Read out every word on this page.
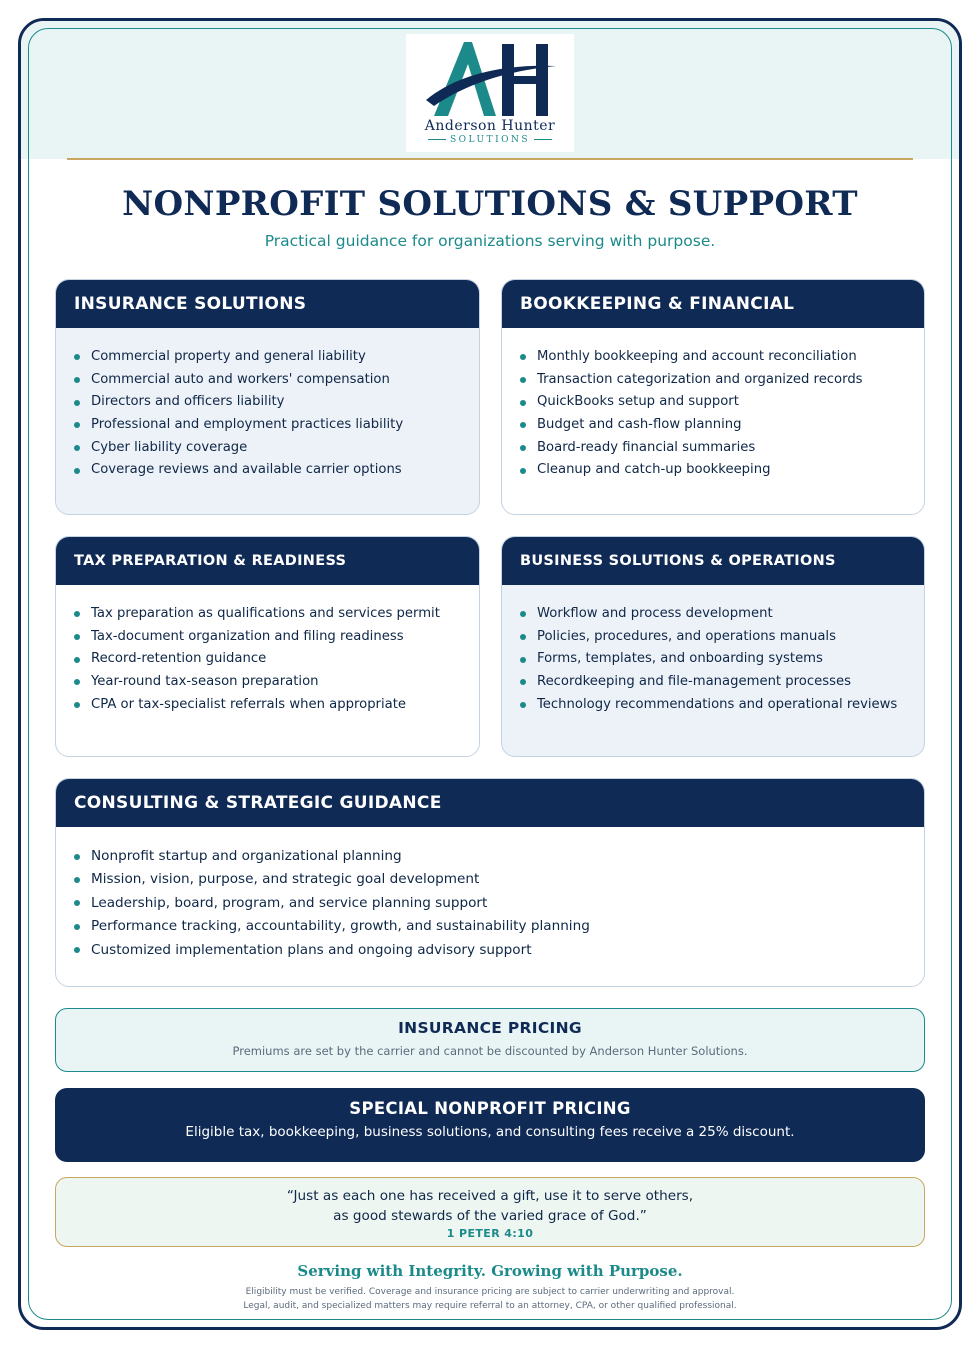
Anderson Hunter
SOLUTIONS
NONPROFIT SOLUTIONS & SUPPORT
Practical guidance for organizations serving with purpose.
INSURANCE SOLUTIONS
Commercial property and general liability
Commercial auto and workers' compensation
Directors and officers liability
Professional and employment practices liability
Cyber liability coverage
Coverage reviews and available carrier options
BOOKKEEPING & FINANCIAL
Monthly bookkeeping and account reconciliation
Transaction categorization and organized records
QuickBooks setup and support
Budget and cash-flow planning
Board-ready financial summaries
Cleanup and catch-up bookkeeping
TAX PREPARATION & READINESS
Tax preparation as qualifications and services permit
Tax-document organization and filing readiness
Record-retention guidance
Year-round tax-season preparation
CPA or tax-specialist referrals when appropriate
BUSINESS SOLUTIONS & OPERATIONS
Workflow and process development
Policies, procedures, and operations manuals
Forms, templates, and onboarding systems
Recordkeeping and file-management processes
Technology recommendations and operational reviews
CONSULTING & STRATEGIC GUIDANCE
Nonprofit startup and organizational planning
Mission, vision, purpose, and strategic goal development
Leadership, board, program, and service planning support
Performance tracking, accountability, growth, and sustainability planning
Customized implementation plans and ongoing advisory support
INSURANCE PRICING
Premiums are set by the carrier and cannot be discounted by Anderson Hunter Solutions.
SPECIAL NONPROFIT PRICING
Eligible tax, bookkeeping, business solutions, and consulting fees receive a 25% discount.
“Just as each one has received a gift, use it to serve others,
as good stewards of the varied grace of God.”
1 PETER 4:10
Serving with Integrity. Growing with Purpose.
Eligibility must be verified. Coverage and insurance pricing are subject to carrier underwriting and approval.
Legal, audit, and specialized matters may require referral to an attorney, CPA, or other qualified professional.
